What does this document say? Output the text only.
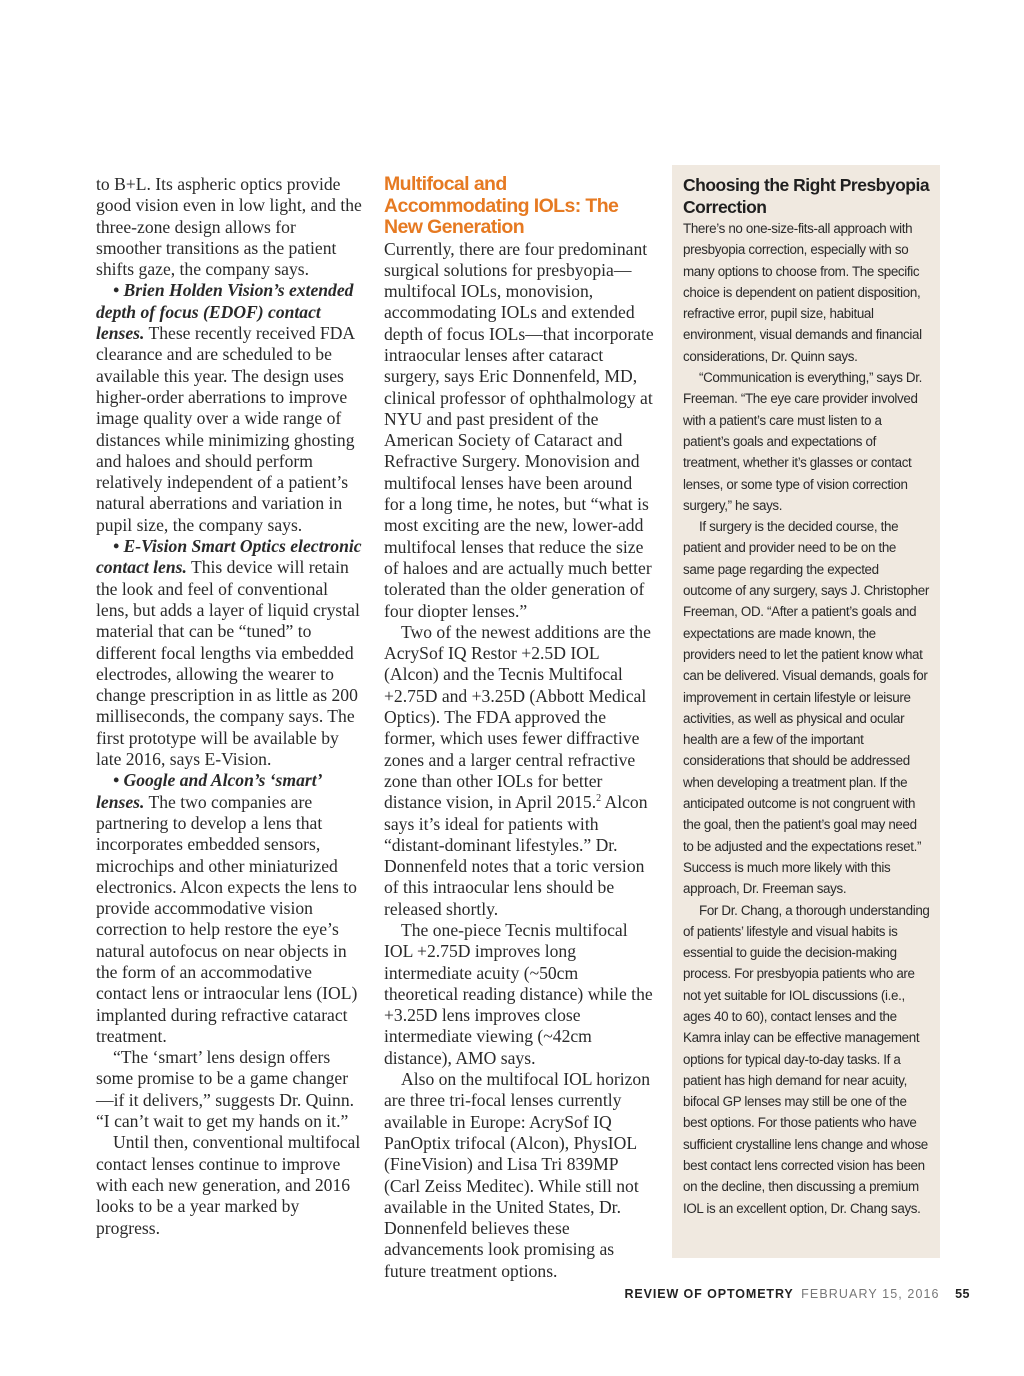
to B+L. Its aspheric optics provide good vision even in low light, and the three-zone design allows for smoother transitions as the patient shifts gaze, the company says.

• Brien Holden Vision’s extended depth of focus (EDOF) contact lenses. These recently received FDA clearance and are scheduled to be available this year. The design uses higher-order aberrations to improve image quality over a wide range of distances while minimizing ghosting and haloes and should perform relatively independent of a patient’s natural aberrations and variation in pupil size, the company says.

• E-Vision Smart Optics electronic contact lens. This device will retain the look and feel of conventional lens, but adds a layer of liquid crystal material that can be “tuned” to different focal lengths via embedded electrodes, allowing the wearer to change prescription in as little as 200 milliseconds, the company says. The first prototype will be available by late 2016, says E-Vision.

• Google and Alcon’s ‘smart’ lenses. The two companies are partnering to develop a lens that incorporates embedded sensors, microchips and other miniaturized electronics. Alcon expects the lens to provide accommodative vision correction to help restore the eye’s natural autofocus on near objects in the form of an accommodative contact lens or intraocular lens (IOL) implanted during refractive cataract treatment.

“The ‘smart’ lens design offers some promise to be a game changer —if it delivers,” suggests Dr. Quinn. “I can’t wait to get my hands on it.”

Until then, conventional multifocal contact lenses continue to improve with each new generation, and 2016 looks to be a year marked by progress.

Multifocal and Accommodating IOLs: The New Generation

Currently, there are four predominant surgical solutions for presbyopia—multifocal IOLs, monovision, accommodating IOLs and extended depth of focus IOLs—that incorporate intraocular lenses after cataract surgery, says Eric Donnenfeld, MD, clinical professor of ophthalmology at NYU and past president of the American Society of Cataract and Refractive Surgery. Monovision and multifocal lenses have been around for a long time, he notes, but “what is most exciting are the new, lower-add multifocal lenses that reduce the size of haloes and are actually much better tolerated than the older generation of four diopter lenses.”

Two of the newest additions are the AcrySof IQ Restor +2.5D IOL (Alcon) and the Tecnis Multifocal +2.75D and +3.25D (Abbott Medical Optics). The FDA approved the former, which uses fewer diffractive zones and a larger central refractive zone than other IOLs for better distance vision, in April 2015.$^2$ Alcon says it’s ideal for patients with “distant-dominant lifestyles.” Dr. Donnenfeld notes that a toric version of this intraocular lens should be released shortly.

The one-piece Tecnis multifocal IOL +2.75D improves long intermediate acuity (~50cm theoretical reading distance) while the +3.25D lens improves close intermediate viewing (~42cm distance), AMO says.

Also on the multifocal IOL horizon are three tri-focal lenses currently available in Europe: AcrySof IQ PanOptix trifocal (Alcon), PhysIOL (FineVision) and Lisa Tri 839MP (Carl Zeiss Meditec). While still not available in the United States, Dr. Donnenfeld believes these advancements look promising as future treatment options.

Choosing the Right Presbyopia Correction

There’s no one-size-fits-all approach with presbyopia correction, especially with so many options to choose from. The specific choice is dependent on patient disposition, refractive error, pupil size, habitual environment, visual demands and financial considerations, Dr. Quinn says.

“Communication is everything,” says Dr. Freeman. “The eye care provider involved with a patient’s care must listen to a patient’s goals and expectations of treatment, whether it’s glasses or contact lenses, or some type of vision correction surgery,” he says.

If surgery is the decided course, the patient and provider need to be on the same page regarding the expected outcome of any surgery, says J. Christopher Freeman, OD. “After a patient’s goals and expectations are made known, the providers need to let the patient know what can be delivered. Visual demands, goals for improvement in certain lifestyle or leisure activities, as well as physical and ocular health are a few of the important considerations that should be addressed when developing a treatment plan. If the anticipated outcome is not congruent with the goal, then the patient’s goal may need to be adjusted and the expectations reset.” Success is much more likely with this approach, Dr. Freeman says.

For Dr. Chang, a thorough understanding of patients’ lifestyle and visual habits is essential to guide the decision-making process. For presbyopia patients who are not yet suitable for IOL discussions (i.e., ages 40 to 60), contact lenses and the Kamra inlay can be effective management options for typical day-to-day tasks. If a patient has high demand for near acuity, bifocal GP lenses may still be one of the best options. For those patients who have sufficient crystalline lens change and whose best contact lens corrected vision has been on the decline, then discussing a premium IOL is an excellent option, Dr. Chang says.

REVIEW OF OPTOMETRY FEBRUARY 15, 2016 55
